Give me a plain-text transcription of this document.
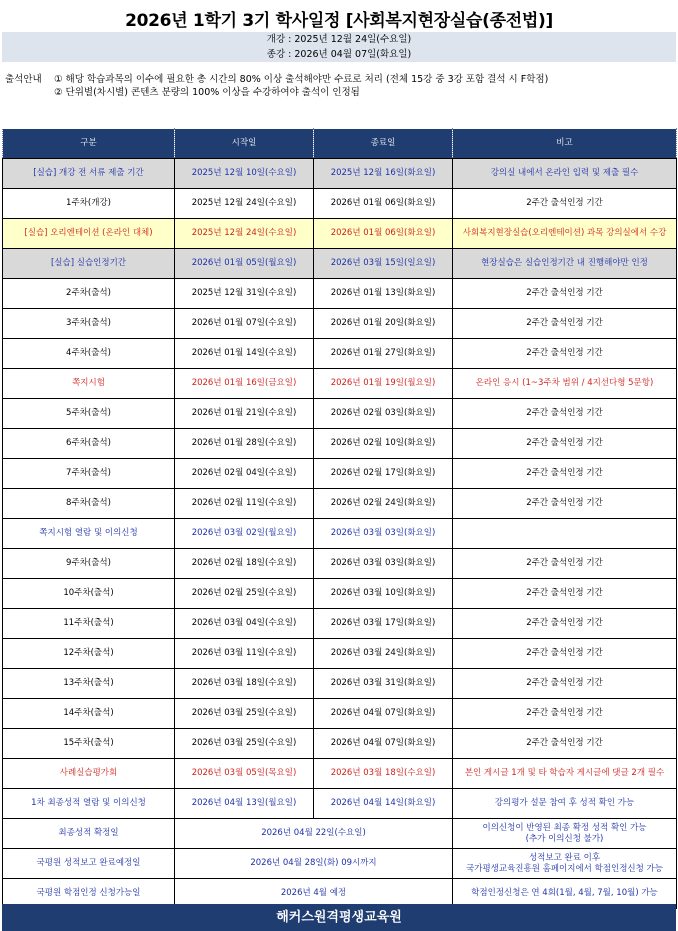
2026년 1학기 3기 학사일정 [사회복지현장실습(종전법)]
개강 : 2025년 12월 24일(수요일)
종강 : 2026년 04월 07일(화요일)
출석안내	① 해당 학습과목의 이수에 필요한 총 시간의 80% 이상 출석해야만 수료로 처리 (전체 15강 중 3강 포함 결석 시 F학점)
② 단위별(차시별) 콘텐츠 분량의 100% 이상을 수강하여야 출석이 인정됨
구분	시작일	종료일	비고
[실습] 개강 전 서류 제출 기간	2025년 12월 10일(수요일)	2025년 12월 16일(화요일)	강의실 내에서 온라인 입력 및 제출 필수
1주차(개강)	2025년 12월 24일(수요일)	2026년 01월 06일(화요일)	2주간 출석인정 기간
[실습] 오리엔테이션 (온라인 대체)	2025년 12월 24일(수요일)	2026년 01월 06일(화요일)	사회복지현장실습(오리엔테이션) 과목 강의실에서 수강
[실습] 실습인정기간	2026년 01월 05일(월요일)	2026년 03월 15일(일요일)	현장실습은 실습인정기간 내 진행해야만 인정
2주차(출석)	2025년 12월 31일(수요일)	2026년 01월 13일(화요일)	2주간 출석인정 기간
3주차(출석)	2026년 01월 07일(수요일)	2026년 01월 20일(화요일)	2주간 출석인정 기간
4주차(출석)	2026년 01월 14일(수요일)	2026년 01월 27일(화요일)	2주간 출석인정 기간
쪽지시험	2026년 01월 16일(금요일)	2026년 01월 19일(월요일)	온라인 응시 (1~3주차 범위 / 4지선다형 5문항)
5주차(출석)	2026년 01월 21일(수요일)	2026년 02월 03일(화요일)	2주간 출석인정 기간
6주차(출석)	2026년 01월 28일(수요일)	2026년 02월 10일(화요일)	2주간 출석인정 기간
7주차(출석)	2026년 02월 04일(수요일)	2026년 02월 17일(화요일)	2주간 출석인정 기간
8주차(출석)	2026년 02월 11일(수요일)	2026년 02월 24일(화요일)	2주간 출석인정 기간
쪽지시험 열람 및 이의신청	2026년 03월 02일(월요일)	2026년 03월 03일(화요일)	
9주차(출석)	2026년 02월 18일(수요일)	2026년 03월 03일(화요일)	2주간 출석인정 기간
10주차(출석)	2026년 02월 25일(수요일)	2026년 03월 10일(화요일)	2주간 출석인정 기간
11주차(출석)	2026년 03월 04일(수요일)	2026년 03월 17일(화요일)	2주간 출석인정 기간
12주차(출석)	2026년 03월 11일(수요일)	2026년 03월 24일(화요일)	2주간 출석인정 기간
13주차(출석)	2026년 03월 18일(수요일)	2026년 03월 31일(화요일)	2주간 출석인정 기간
14주차(출석)	2026년 03월 25일(수요일)	2026년 04월 07일(화요일)	2주간 출석인정 기간
15주차(출석)	2026년 03월 25일(수요일)	2026년 04월 07일(화요일)	2주간 출석인정 기간
사례실습평가회	2026년 03월 05일(목요일)	2026년 03월 18일(수요일)	본인 게시글 1개 및 타 학습자 게시글에 댓글 2개 필수
1차 최종성적 열람 및 이의신청	2026년 04월 13일(월요일)	2026년 04월 14일(화요일)	강의평가 설문 참여 후 성적 확인 가능
최종성적 확정일	2026년 04월 22일(수요일)		이의신청이 반영된 최종 확정 성적 확인 가능
(추가 이의신청 불가)

국평원 성적보고 완료예정일	2026년 04월 28일(화) 09시까지		성적보고 완료 이후
국가평생교육진흥원 홈페이지에서 학점인정신청 가능

국평원 학점인정 신청가능일	2026년 4월 예정		학점인정신청은 연 4회(1월, 4월, 7월, 10월) 가능
해커스원격평생교육원
